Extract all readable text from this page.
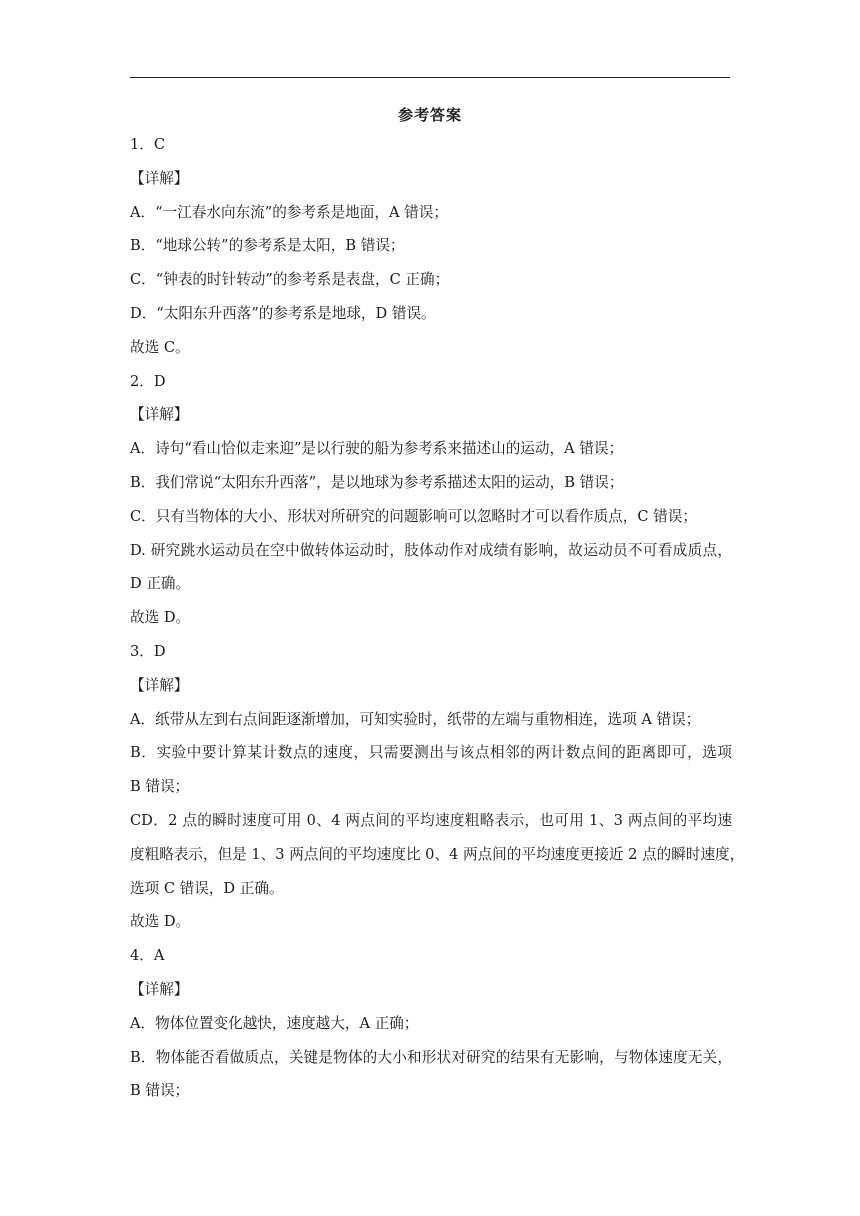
参考答案
1．C
【详解】
A．“一江春水向东流”的参考系是地面，A 错误；
B．“地球公转”的参考系是太阳，B 错误；
C．“钟表的时针转动”的参考系是表盘，C 正确；
D．“太阳东升西落”的参考系是地球，D 错误。
故选 C。
2．D
【详解】
A．诗句“看山恰似走来迎”是以行驶的船为参考系来描述山的运动，A 错误；
B．我们常说“太阳东升西落”，是以地球为参考系描述太阳的运动，B 错误；
C．只有当物体的大小、形状对所研究的问题影响可以忽略时才可以看作质点，C 错误；
D. 研究跳水运动员在空中做转体运动时，肢体动作对成绩有影响，故运动员不可看成质点，
D 正确。
故选 D。
3．D
【详解】
A．纸带从左到右点间距逐渐增加，可知实验时，纸带的左端与重物相连，选项 A 错误；
B．实验中要计算某计数点的速度，只需要测出与该点相邻的两计数点间的距离即可，选项
B 错误；
CD．2 点的瞬时速度可用 0、4 两点间的平均速度粗略表示，也可用 1、3 两点间的平均速
度粗略表示，但是 1、3 两点间的平均速度比 0、4 两点间的平均速度更接近 2 点的瞬时速度，
选项 C 错误，D 正确。
故选 D。
4．A
【详解】
A．物体位置变化越快，速度越大，A 正确；
B．物体能否看做质点，关键是物体的大小和形状对研究的结果有无影响，与物体速度无关，
B 错误；
